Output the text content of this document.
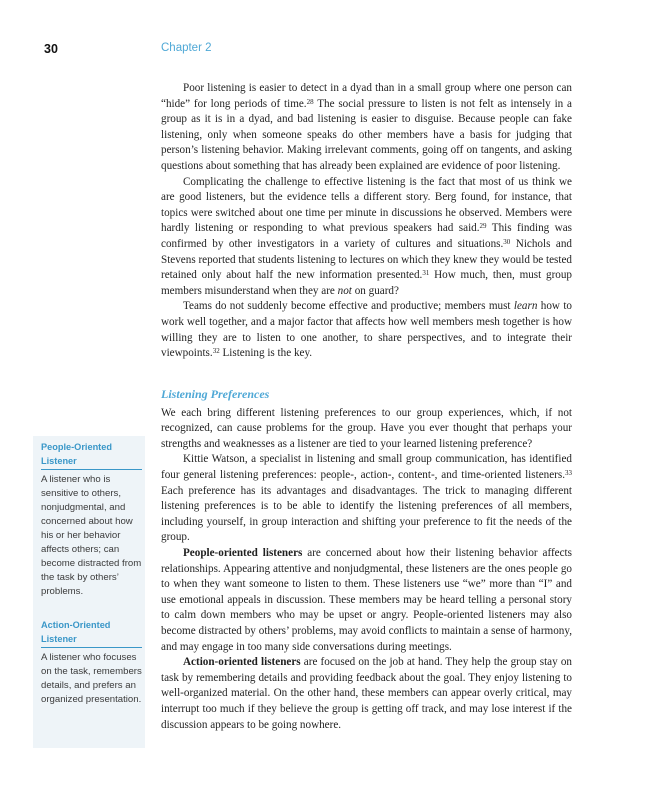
30	Chapter 2
People-Oriented Listener

A listener who is sensitive to others, nonjudgmental, and concerned about how his or her behavior affects others; can become distracted from the task by others’ problems.

Action-Oriented Listener

A listener who focuses on the task, remembers details, and prefers an organized presentation.

Poor listening is easier to detect in a dyad than in a small group where one person can “hide” for long periods of time.$^{28}$ The social pressure to listen is not felt as intensely in a group as it is in a dyad, and bad listening is easier to disguise. Because people can fake listening, only when someone speaks do other members have a basis for judging that person’s listening behavior. Making irrelevant comments, going off on tangents, and asking questions about something that has already been explained are evidence of poor listening.

Complicating the challenge to effective listening is the fact that most of us think we are good listeners, but the evidence tells a different story. Berg found, for instance, that topics were switched about one time per minute in discussions he observed. Members were hardly listening or responding to what previous speakers had said.$^{29}$ This finding was confirmed by other investigators in a variety of cultures and situations.$^{30}$ Nichols and Stevens reported that students listening to lectures on which they knew they would be tested retained only about half the new information presented.$^{31}$ How much, then, must group members misunderstand when they are not on guard?

Teams do not suddenly become effective and productive; members must learn how to work well together, and a major factor that affects how well members mesh together is how willing they are to listen to one another, to share perspectives, and to integrate their viewpoints.$^{32}$ Listening is the key.

Listening Preferences

We each bring different listening preferences to our group experiences, which, if not recognized, can cause problems for the group. Have you ever thought that perhaps your strengths and weaknesses as a listener are tied to your learned listening preference?

Kittie Watson, a specialist in listening and small group communication, has identified four general listening preferences: people-, action-, content-, and time-oriented listeners.$^{33}$ Each preference has its advantages and disadvantages. The trick to managing different listening preferences is to be able to identify the listening preferences of all members, including yourself, in group interaction and shifting your preference to fit the needs of the group.

People-oriented listeners are concerned about how their listening behavior affects relationships. Appearing attentive and nonjudgmental, these listeners are the ones people go to when they want someone to listen to them. These listeners use “we” more than “I” and use emotional appeals in discussion. These members may be heard telling a personal story to calm down members who may be upset or angry. People-oriented listeners may also become distracted by others’ problems, may avoid conflicts to maintain a sense of harmony, and may engage in too many side conversations during meetings.

Action-oriented listeners are focused on the job at hand. They help the group stay on task by remembering details and providing feedback about the goal. They enjoy listening to well-organized material. On the other hand, these members can appear overly critical, may interrupt too much if they believe the group is getting off track, and may lose interest if the discussion appears to be going nowhere.
